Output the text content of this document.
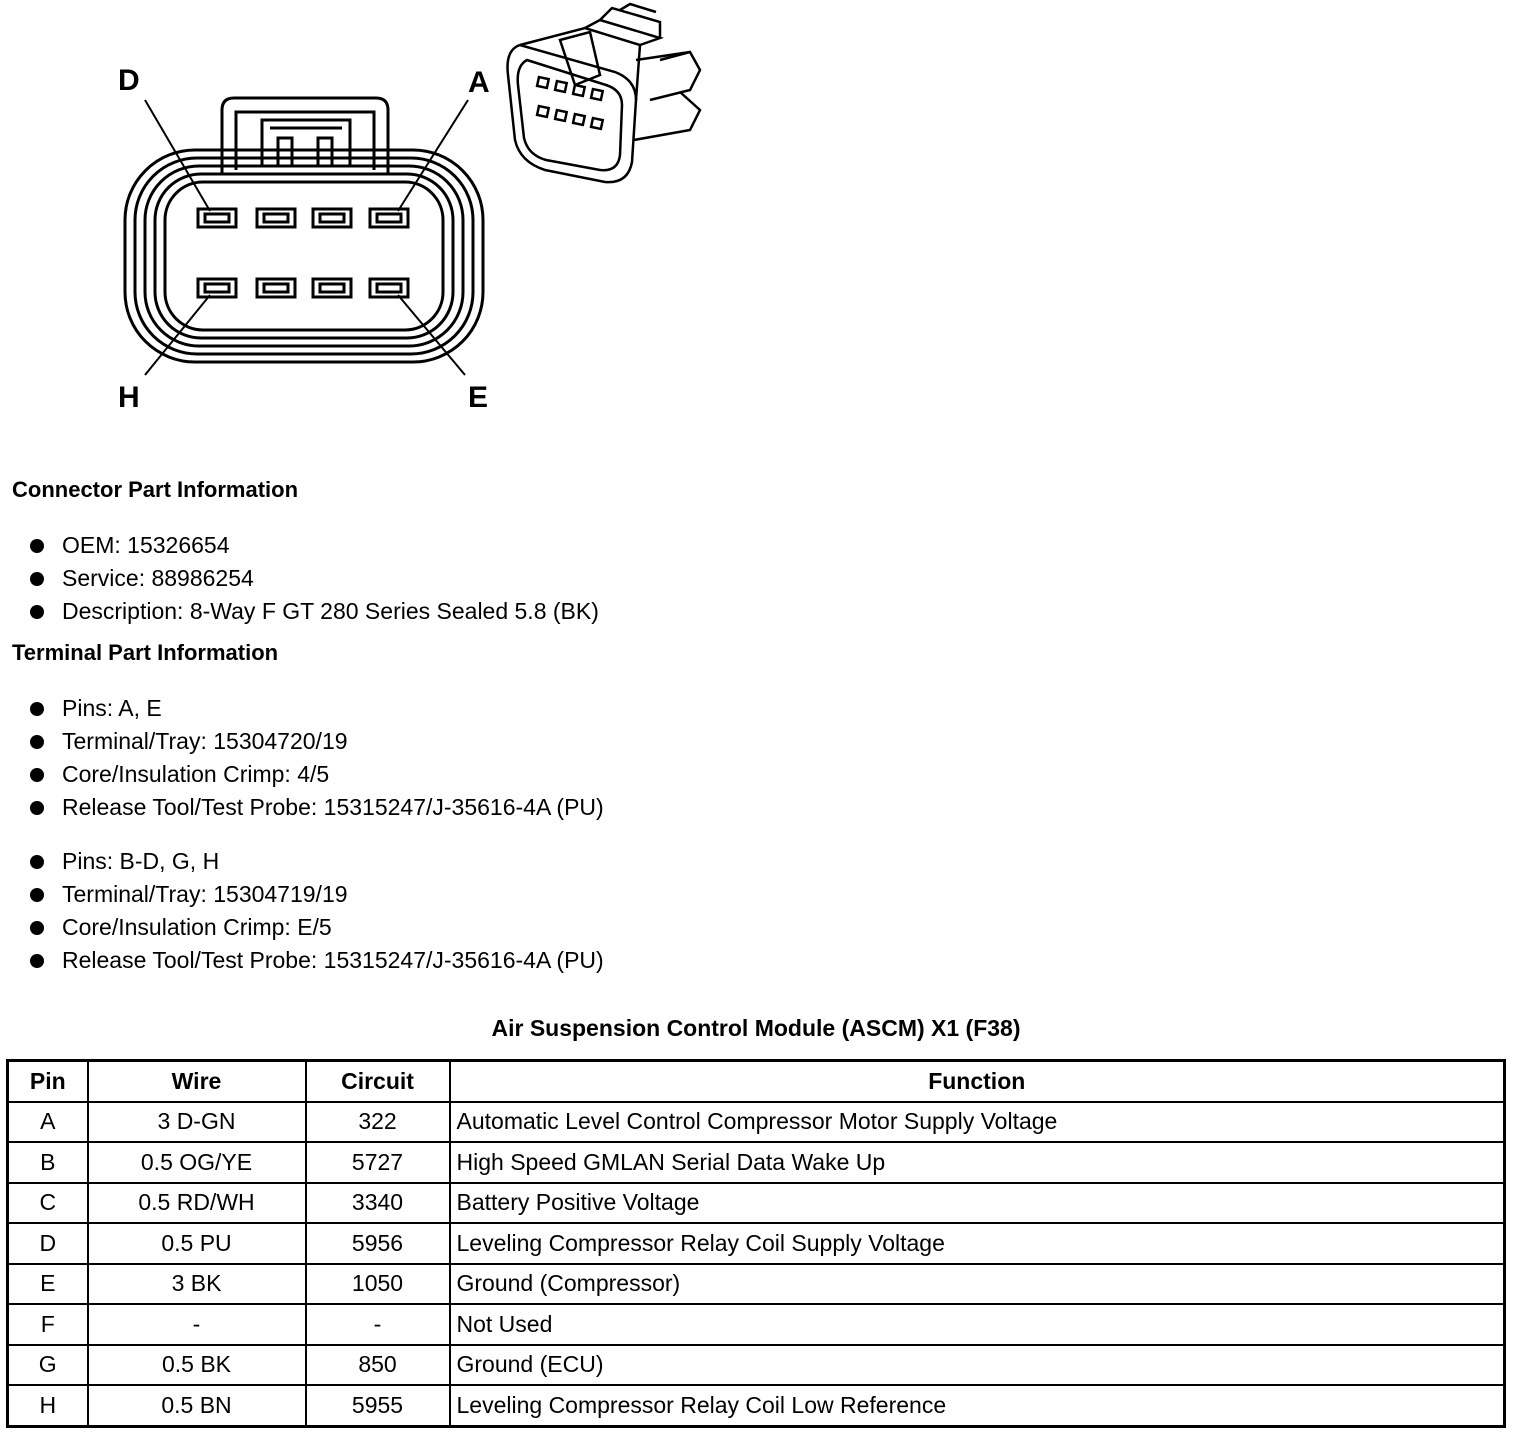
D	A
H	E
Connector Part Information
OEM: 15326654
Service: 88986254
Description: 8-Way F GT 280 Series Sealed 5.8 (BK)
Terminal Part Information
Pins: A, E
Terminal/Tray: 15304720/19
Core/Insulation Crimp: 4/5
Release Tool/Test Probe: 15315247/J-35616-4A (PU)
Pins: B-D, G, H
Terminal/Tray: 15304719/19
Core/Insulation Crimp: E/5
Release Tool/Test Probe: 15315247/J-35616-4A (PU)
Air Suspension Control Module (ASCM) X1 (F38)
Pin	Wire	Circuit	Function
A	3 D-GN	322	Automatic Level Control Compressor Motor Supply Voltage
B	0.5 OG/YE	5727	High Speed GMLAN Serial Data Wake Up
C	0.5 RD/WH	3340	Battery Positive Voltage
D	0.5 PU	5956	Leveling Compressor Relay Coil Supply Voltage
E	3 BK	1050	Ground (Compressor)
F	-	-	Not Used
G	0.5 BK	850	Ground (ECU)
H	0.5 BN	5955	Leveling Compressor Relay Coil Low Reference
